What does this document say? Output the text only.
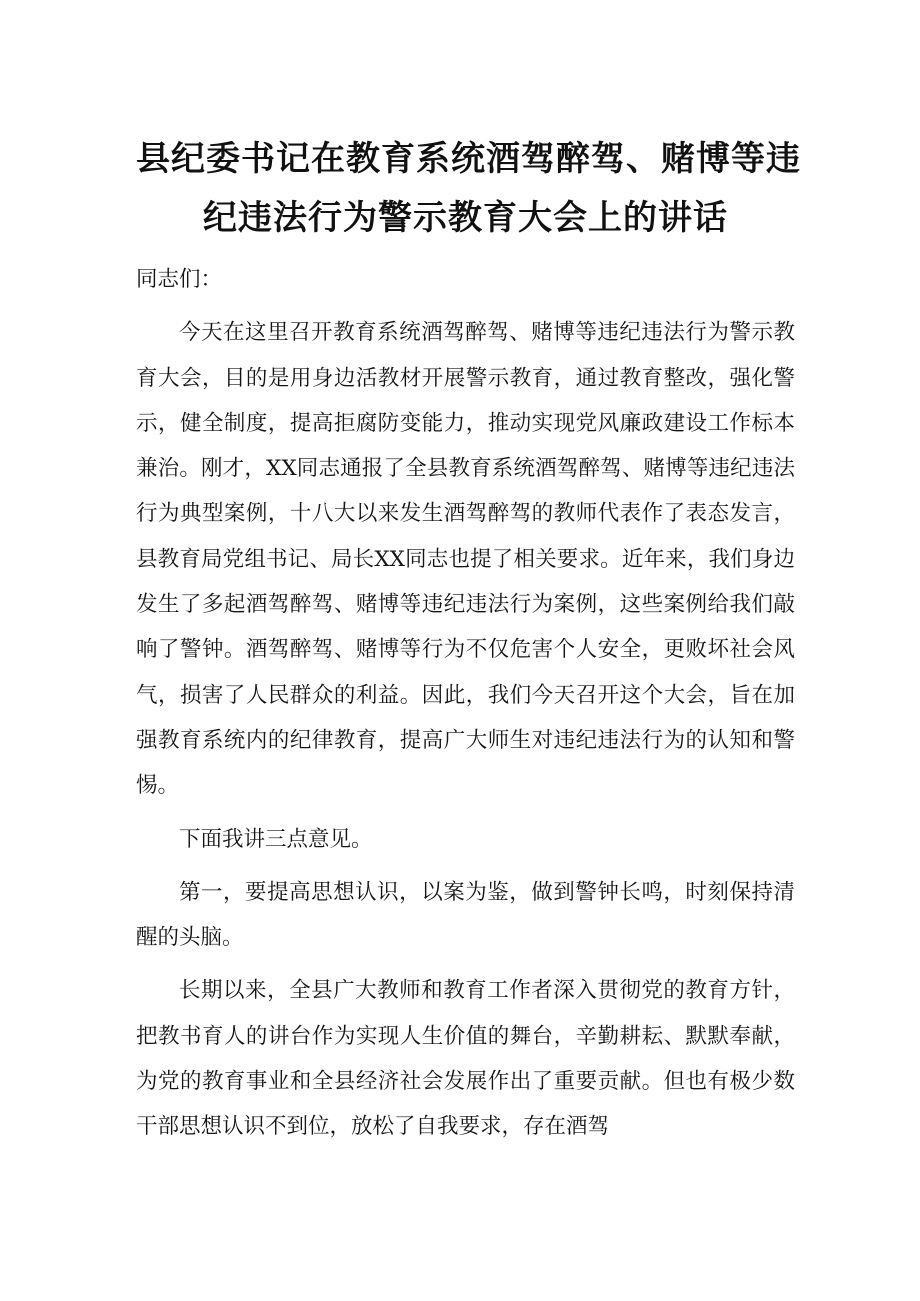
县纪委书记在教育系统酒驾醉驾、赌博等违
纪违法行为警示教育大会上的讲话

同志们：

今天在这里召开教育系统酒驾醉驾、赌博等违纪违法行为警示教育大会，目的是用身边活教材开展警示教育，通过教育整改，强化警示，健全制度，提高拒腐防变能力，推动实现党风廉政建设工作标本兼治。刚才，XX同志通报了全县教育系统酒驾醉驾、赌博等违纪违法行为典型案例，十八大以来发生酒驾醉驾的教师代表作了表态发言，县教育局党组书记、局长XX同志也提了相关要求。近年来，我们身边发生了多起酒驾醉驾、赌博等违纪违法行为案例，这些案例给我们敲响了警钟。酒驾醉驾、赌博等行为不仅危害个人安全，更败坏社会风气，损害了人民群众的利益。因此，我们今天召开这个大会，旨在加强教育系统内的纪律教育，提高广大师生对违纪违法行为的认知和警惕。

下面我讲三点意见。

第一，要提高思想认识，以案为鉴，做到警钟长鸣，时刻保持清醒的头脑。

长期以来，全县广大教师和教育工作者深入贯彻党的教育方针，把教书育人的讲台作为实现人生价值的舞台，辛勤耕耘、默默奉献，为党的教育事业和全县经济社会发展作出了重要贡献。但也有极少数干部思想认识不到位，放松了自我要求，存在酒驾
